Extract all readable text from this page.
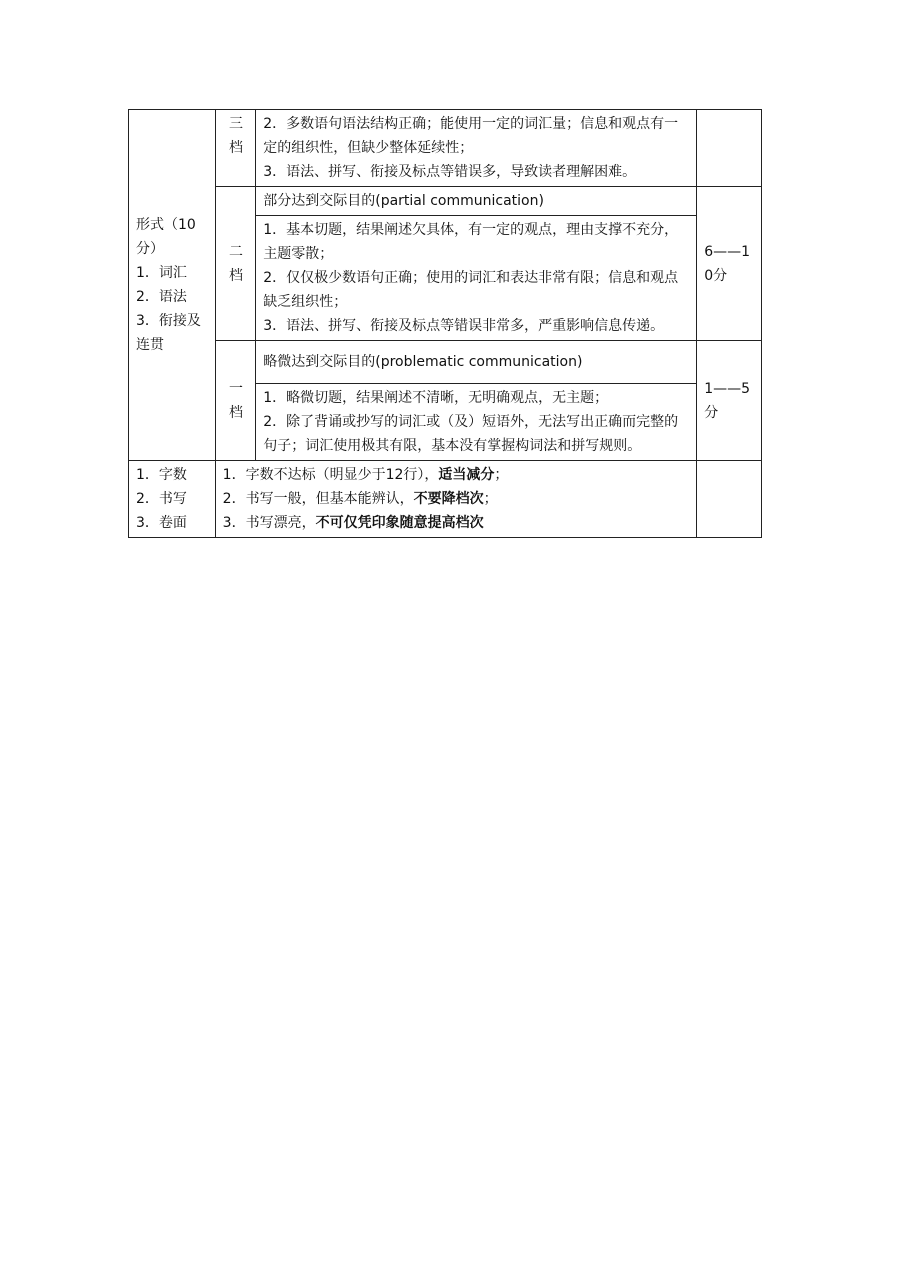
形式（10分）
1．词汇
2．语法
3．衔接及连贯	三档	2．多数语句语法结构正确；能使用一定的词汇量；信息和观点有一定的组织性，但缺少整体延续性；
3．语法、拼写、衔接及标点等错误多，导致读者理解困难。	

	二档	部分达到交际目的(partial communication)	6——10分

		1．基本切题，结果阐述欠具体，有一定的观点，理由支撑不充分，主题零散；
2．仅仅极少数语句正确；使用的词汇和表达非常有限；信息和观点缺乏组织性；
3．语法、拼写、衔接及标点等错误非常多，严重影响信息传递。	

	一档	略微达到交际目的(problematic communication)	1——5分

		1．略微切题，结果阐述不清晰，无明确观点，无主题；
2．除了背诵或抄写的词汇或（及）短语外，无法写出正确而完整的句子；词汇使用极其有限，基本没有掌握构词法和拼写规则。	

1．字数
2．书写
3．卷面	1．字数不达标（明显少于12行），适当减分；
2．书写一般，但基本能辨认，不要降档次；
3．书写漂亮，不可仅凭印象随意提高档次		
